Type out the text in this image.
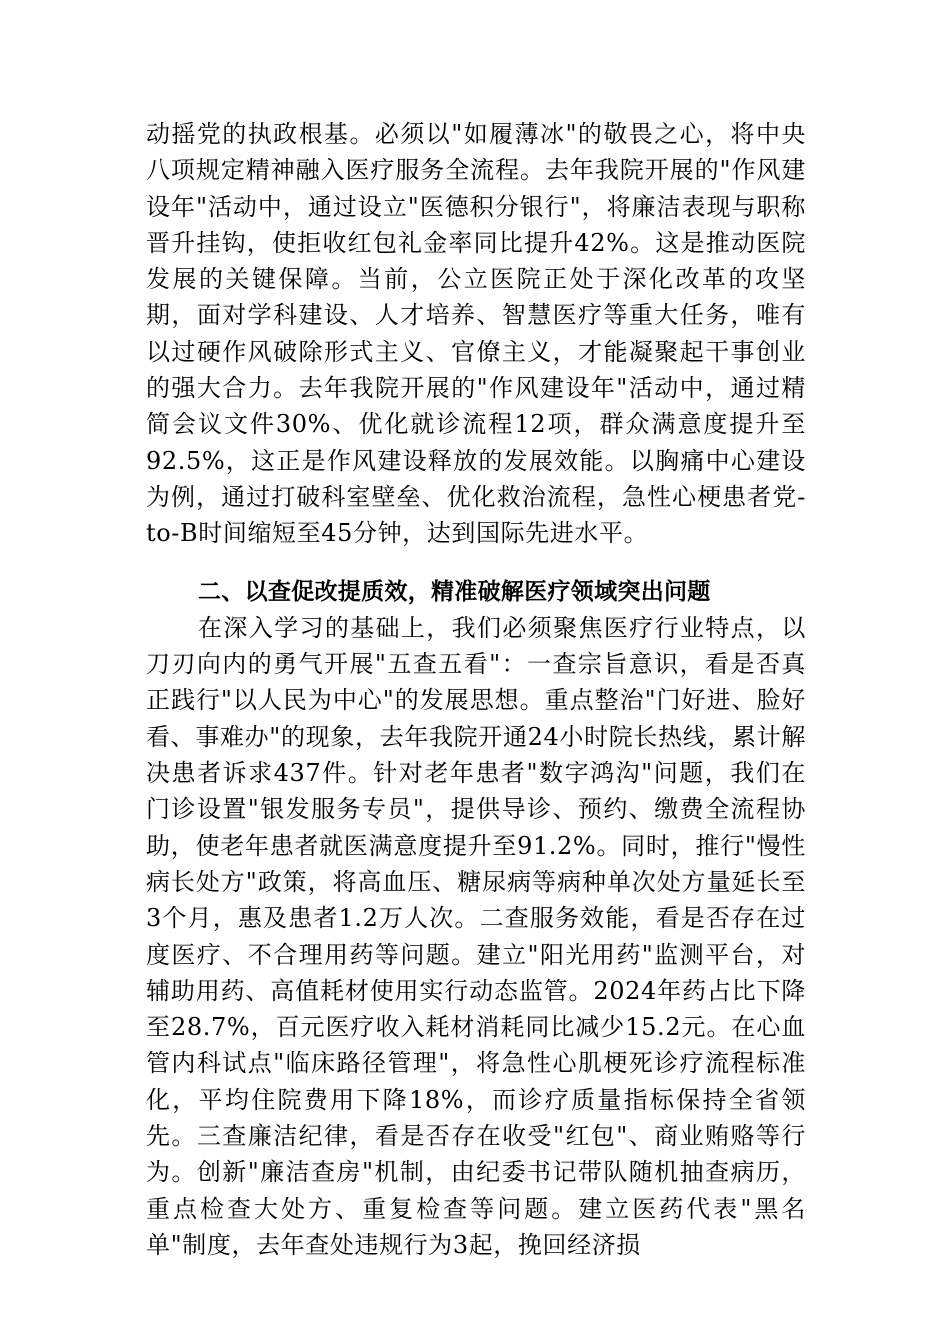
动摇党的执政根基。必须以"如履薄冰"的敬畏之心，将中央八项规定精神融入医疗服务全流程。去年我院开展的"作风建设年"活动中，通过设立"医德积分银行"，将廉洁表现与职称晋升挂钩，使拒收红包礼金率同比提升42%。这是推动医院发展的关键保障。当前，公立医院正处于深化改革的攻坚期，面对学科建设、人才培养、智慧医疗等重大任务，唯有以过硬作风破除形式主义、官僚主义，才能凝聚起干事创业的强大合力。去年我院开展的"作风建设年"活动中，通过精简会议文件30%、优化就诊流程12项，群众满意度提升至92.5%，这正是作风建设释放的发展效能。以胸痛中心建设为例，通过打破科室壁垒、优化救治流程，急性心梗患者党-to-B时间缩短至45分钟，达到国际先进水平。

二、以查促改提质效，精准破解医疗领域突出问题

在深入学习的基础上，我们必须聚焦医疗行业特点，以刀刃向内的勇气开展"五查五看"：一查宗旨意识，看是否真正践行"以人民为中心"的发展思想。重点整治"门好进、脸好看、事难办"的现象，去年我院开通24小时院长热线，累计解决患者诉求437件。针对老年患者"数字鸿沟"问题，我们在门诊设置"银发服务专员"，提供导诊、预约、缴费全流程协助，使老年患者就医满意度提升至91.2%。同时，推行"慢性病长处方"政策，将高血压、糖尿病等病种单次处方量延长至3个月，惠及患者1.2万人次。二查服务效能，看是否存在过度医疗、不合理用药等问题。建立"阳光用药"监测平台，对辅助用药、高值耗材使用实行动态监管。2024年药占比下降至28.7%，百元医疗收入耗材消耗同比减少15.2元。在心血管内科试点"临床路径管理"，将急性心肌梗死诊疗流程标准化，平均住院费用下降18%，而诊疗质量指标保持全省领先。三查廉洁纪律，看是否存在收受"红包"、商业贿赂等行为。创新"廉洁查房"机制，由纪委书记带队随机抽查病历，重点检查大处方、重复检查等问题。建立医药代表"黑名单"制度，去年查处违规行为3起，挽回经济损
